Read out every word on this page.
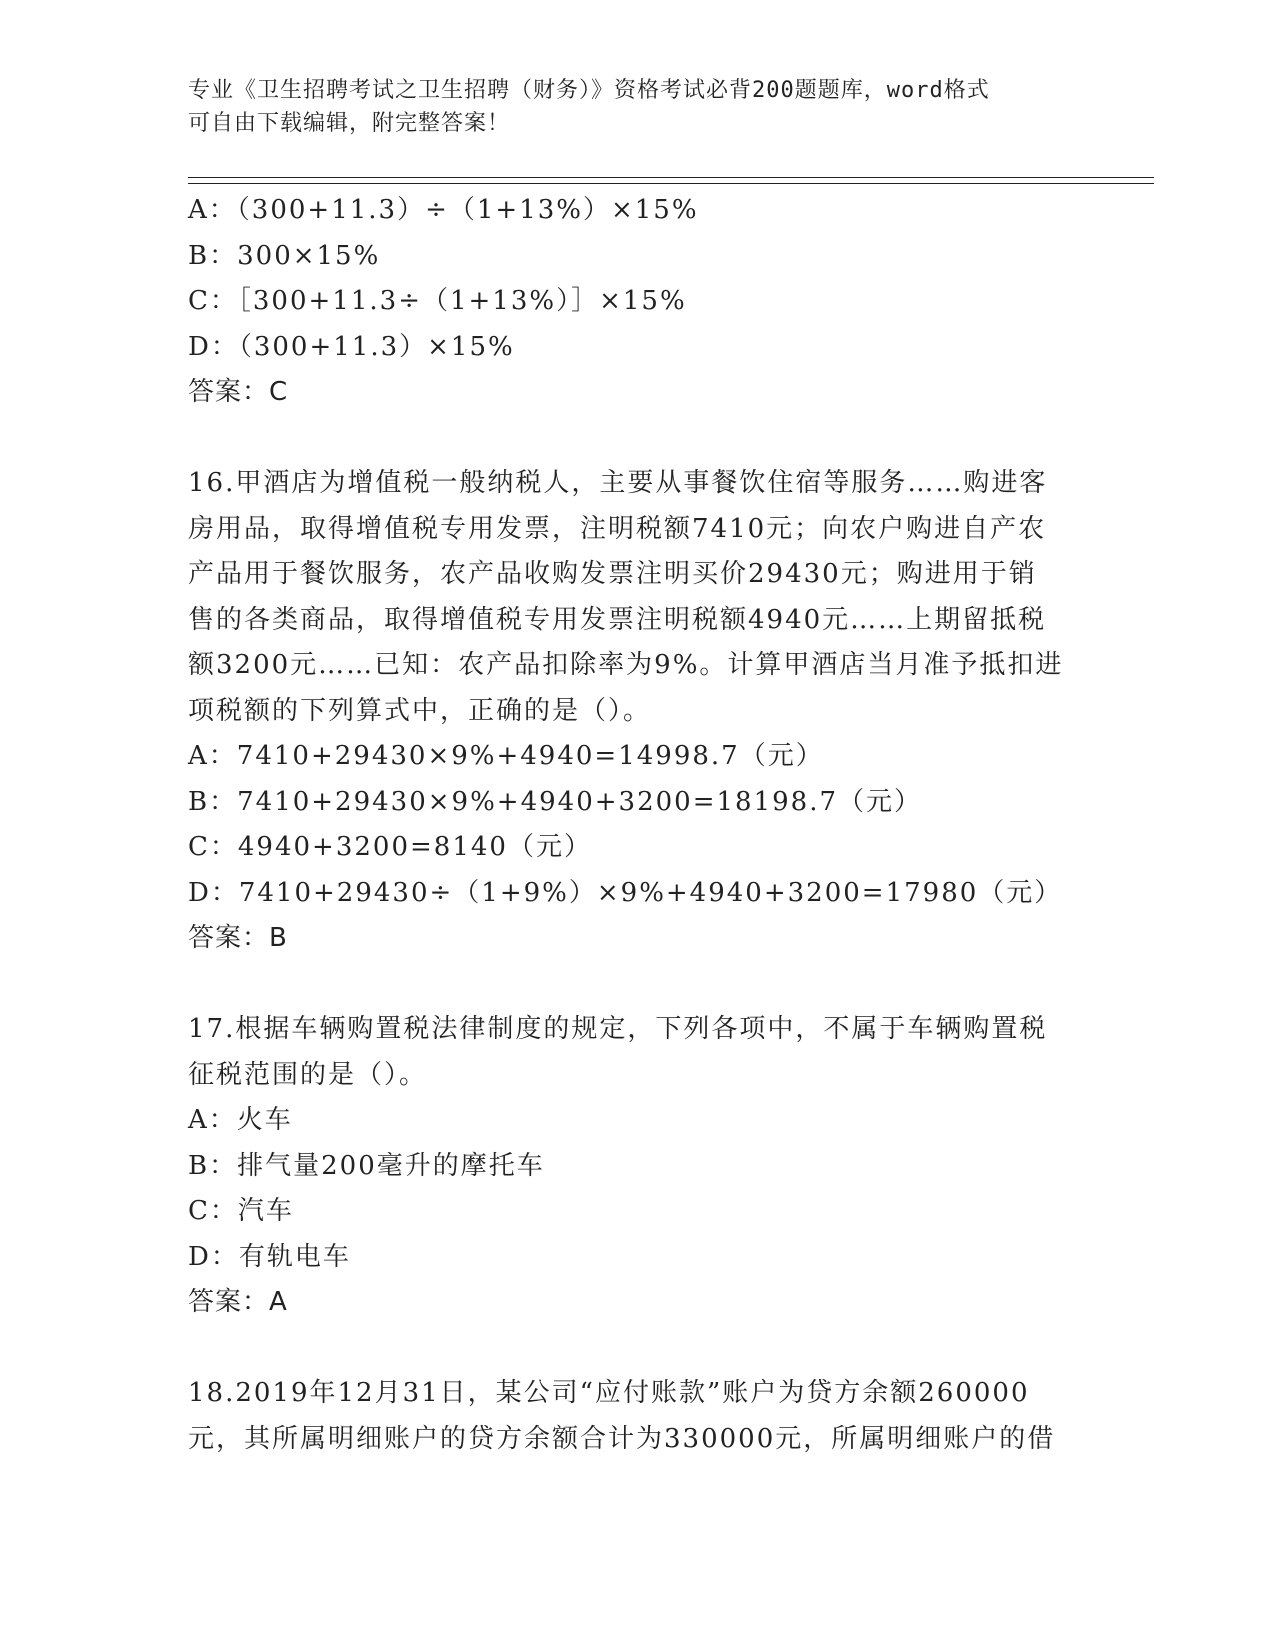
专业《卫生招聘考试之卫生招聘（财务）》资格考试必背200题题库，word格式
可自由下载编辑，附完整答案！
A：（300+11.3）÷（1+13%）×15%
B：300×15%
C：［300+11.3÷（1+13%）］×15%
D：（300+11.3）×15%
答案：C
16.甲酒店为增值税一般纳税人，主要从事餐饮住宿等服务……购进客
房用品，取得增值税专用发票，注明税额7410元；向农户购进自产农
产品用于餐饮服务，农产品收购发票注明买价29430元；购进用于销
售的各类商品，取得增值税专用发票注明税额4940元……上期留抵税
额3200元……已知：农产品扣除率为9%。计算甲酒店当月准予抵扣进
项税额的下列算式中，正确的是（）。
A：7410+29430×9%+4940=14998.7（元）
B：7410+29430×9%+4940+3200=18198.7（元）
C：4940+3200=8140（元）
D：7410+29430÷（1+9%）×9%+4940+3200=17980（元）
答案：B
17.根据车辆购置税法律制度的规定，下列各项中，不属于车辆购置税
征税范围的是（）。
A：火车
B：排气量200毫升的摩托车
C：汽车
D：有轨电车
答案：A
18.2019年12月31日，某公司“应付账款”账户为贷方余额260000
元，其所属明细账户的贷方余额合计为330000元，所属明细账户的借
